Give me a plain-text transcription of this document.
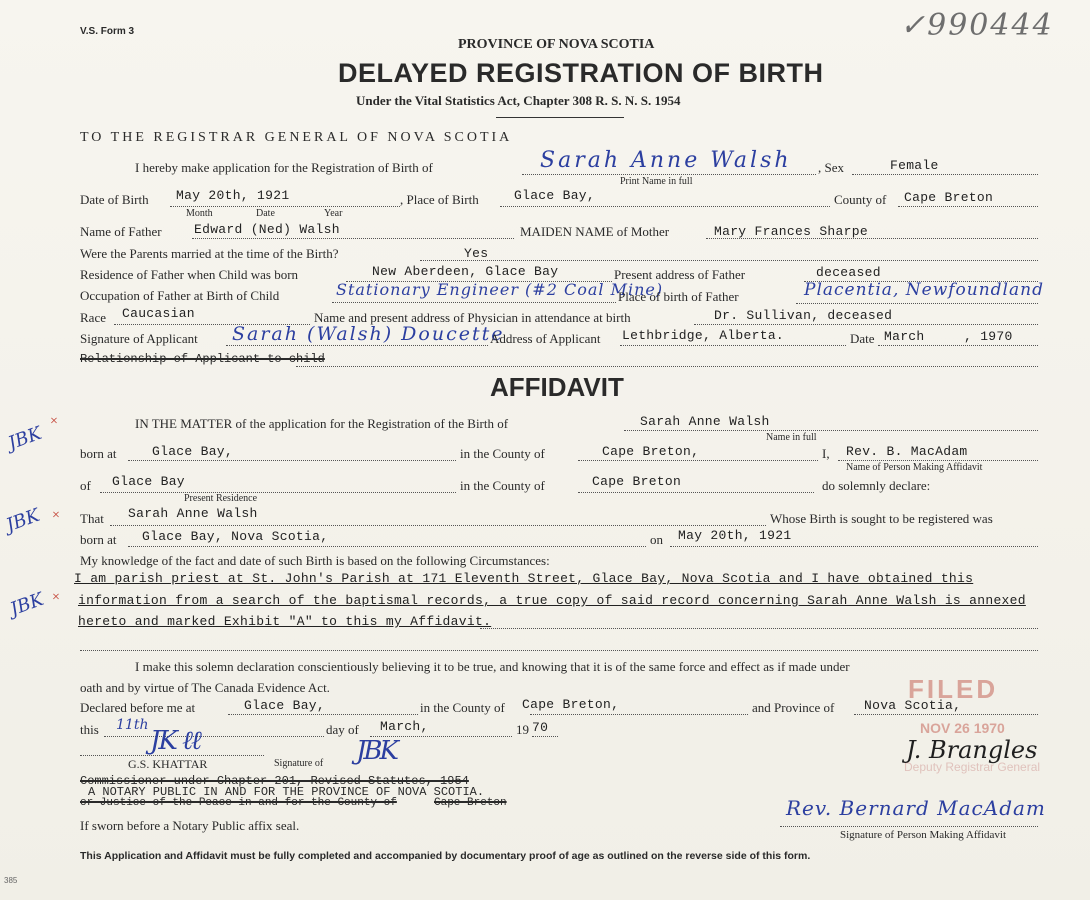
V.S. Form 3	✓990444
PROVINCE OF NOVA SCOTIA
DELAYED REGISTRATION OF BIRTH
Under the Vital Statistics Act, Chapter 308 R. S. N. S. 1954
TO THE REGISTRAR GENERAL OF NOVA SCOTIA
I hereby make application for the Registration of Birth of	Sarah Anne Walsh
Print Name in full
, Sex	Female
Date of Birth May 20th, 1921
Month	Date	Year
, Place of Birth	Glace Bay,	County of Cape Breton
Name of Father Edward (Ned) Walsh	MAIDEN NAME of Mother	Mary Frances Sharpe
Were the Parents married at the time of the Birth?	Yes
Residence of Father when Child was born	New Aberdeen, Glace Bay	Present address of Father	deceased
Occupation of Father at Birth of Child	Stationary Engineer (#2 Coal Mine)
Place of birth of Father	Placentia, Newfoundland
Race Caucasian	Name and present address of Physician in attendance at birth	Dr. Sullivan, deceased
Signature of Applicant Sarah (Walsh) Doucette
Address of Applicant Lethbridge, Alberta.	Date March	, 1970
Relationship of Applicant to child
AFFIDAVIT
IN THE MATTER of the application for the Registration of the Birth of	Sarah Anne Walsh
Name in full
born at	Glace Bay,	in the County of	Cape Breton,	I, Rev. B. MacAdam
Name of Person Making Affidavit
of Glace Bay
Present Residence
in the County of	Cape Breton	do solemnly declare:
That Sarah Anne Walsh	Whose Birth is sought to be registered was
born at Glace Bay, Nova Scotia,	on May 20th, 1921
My knowledge of the fact and date of such Birth is based on the following Circumstances:
I am parish priest at St. John's Parish at 171 Eleventh Street, Glace Bay, Nova Scotia and I have obtained this
information from a search of the baptismal records, a true copy of said record concerning Sarah Anne Walsh is annexed
hereto and marked Exhibit "A" to this my Affidavit.
I make this solemn declaration conscientiously believing it to be true, and knowing that it is of the same force and effect as if made under
oath and by virtue of The Canada Evidence Act.
Declared before me at	Glace Bay,	in the County of Cape Breton,	and Province of Nova Scotia,
this 11th	day of March,	19 70
JK ℓℓ
G.S. KHATTAR	Signature of JBK
Commissioner under Chapter 201, Revised Statutes, 1954
A NOTARY PUBLIC IN AND FOR THE PROVINCE OF NOVA SCOTIA.
or Justice of the Peace in and for the County of	Cape Breton
If sworn before a Notary Public affix seal.
FILED
NOV 26 1970
Deputy Registrar General
J. Brangles
Rev. Bernard MacAdam
Signature of Person Making Affidavit
This Application and Affidavit must be fully completed and accompanied by documentary proof of age as outlined on the reverse side of this form.
385
JBK
×
JBK ×
JBK ×
